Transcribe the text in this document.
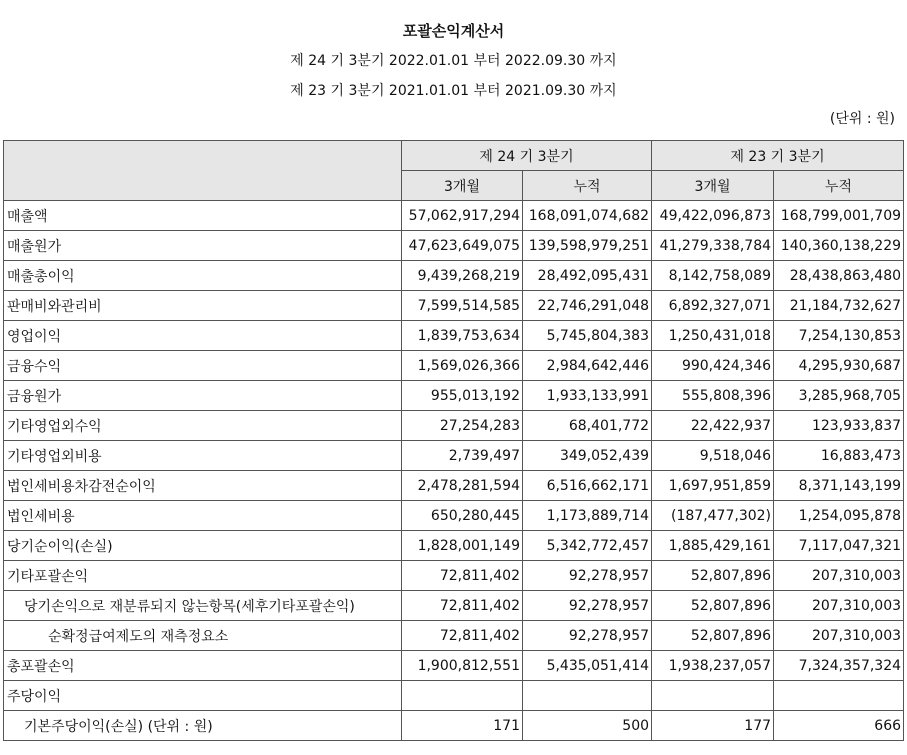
포괄손익계산서
제 24 기 3분기 2022.01.01 부터 2022.09.30 까지
제 23 기 3분기 2021.01.01 부터 2021.09.30 까지
(단위 : 원)
	제 24 기 3분기		제 23 기 3분기	
	3개월	누적	3개월	누적
매출액	57,062,917,294	168,091,074,682	49,422,096,873	168,799,001,709
매출원가	47,623,649,075	139,598,979,251	41,279,338,784	140,360,138,229
매출총이익	9,439,268,219	28,492,095,431	8,142,758,089	28,438,863,480
판매비와관리비	7,599,514,585	22,746,291,048	6,892,327,071	21,184,732,627
영업이익	1,839,753,634	5,745,804,383	1,250,431,018	7,254,130,853
금융수익	1,569,026,366	2,984,642,446	990,424,346	4,295,930,687
금융원가	955,013,192	1,933,133,991	555,808,396	3,285,968,705
기타영업외수익	27,254,283	68,401,772	22,422,937	123,933,837
기타영업외비용	2,739,497	349,052,439	9,518,046	16,883,473
법인세비용차감전순이익	2,478,281,594	6,516,662,171	1,697,951,859	8,371,143,199
법인세비용	650,280,445	1,173,889,714	(187,477,302)	1,254,095,878
당기순이익(손실)	1,828,001,149	5,342,772,457	1,885,429,161	7,117,047,321
기타포괄손익	72,811,402	92,278,957	52,807,896	207,310,003
당기손익으로 재분류되지 않는항목(세후기타포괄손익)	72,811,402	92,278,957	52,807,896	207,310,003
순확정급여제도의 재측정요소	72,811,402	92,278,957	52,807,896	207,310,003
총포괄손익	1,900,812,551	5,435,051,414	1,938,237,057	7,324,357,324
주당이익				
기본주당이익(손실) (단위 : 원)	171	500	177	666
